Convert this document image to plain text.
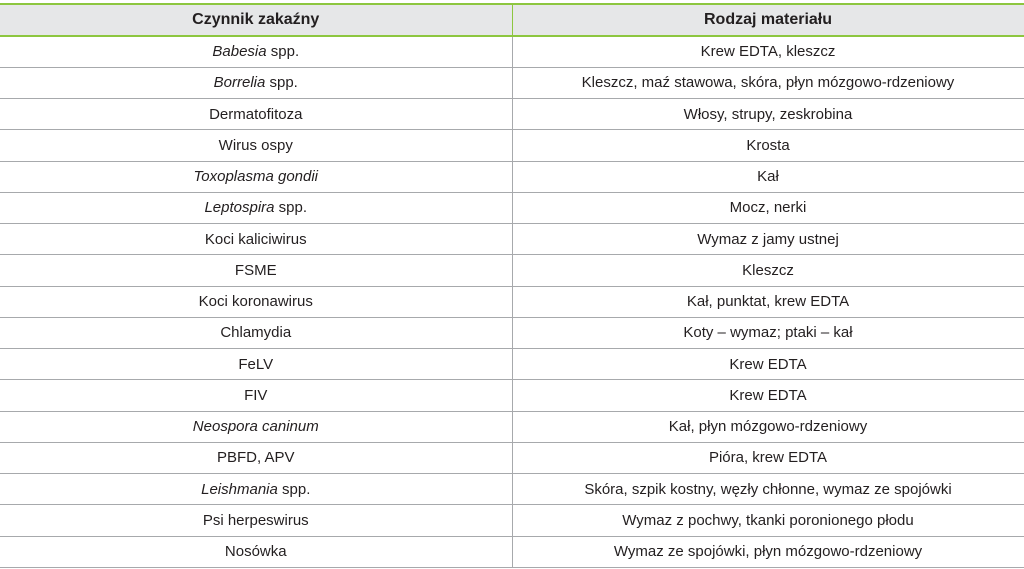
Czynnik zakaźny	Rodzaj materiału
Babesia spp.	Krew EDTA, kleszcz
Borrelia spp.	Kleszcz, maź stawowa, skóra, płyn mózgowo-rdzeniowy
Dermatofitoza	Włosy, strupy, zeskrobina
Wirus ospy	Krosta
Toxoplasma gondii	Kał
Leptospira spp.	Mocz, nerki
Koci kaliciwirus	Wymaz z jamy ustnej
FSME	Kleszcz
Koci koronawirus	Kał, punktat, krew EDTA
Chlamydia	Koty – wymaz; ptaki – kał
FeLV	Krew EDTA
FIV	Krew EDTA
Neospora caninum	Kał, płyn mózgowo-rdzeniowy
PBFD, APV	Pióra, krew EDTA
Leishmania spp.	Skóra, szpik kostny, węzły chłonne, wymaz ze spojówki
Psi herpeswirus	Wymaz z pochwy, tkanki poronionego płodu
Nosówka	Wymaz ze spojówki, płyn mózgowo-rdzeniowy
